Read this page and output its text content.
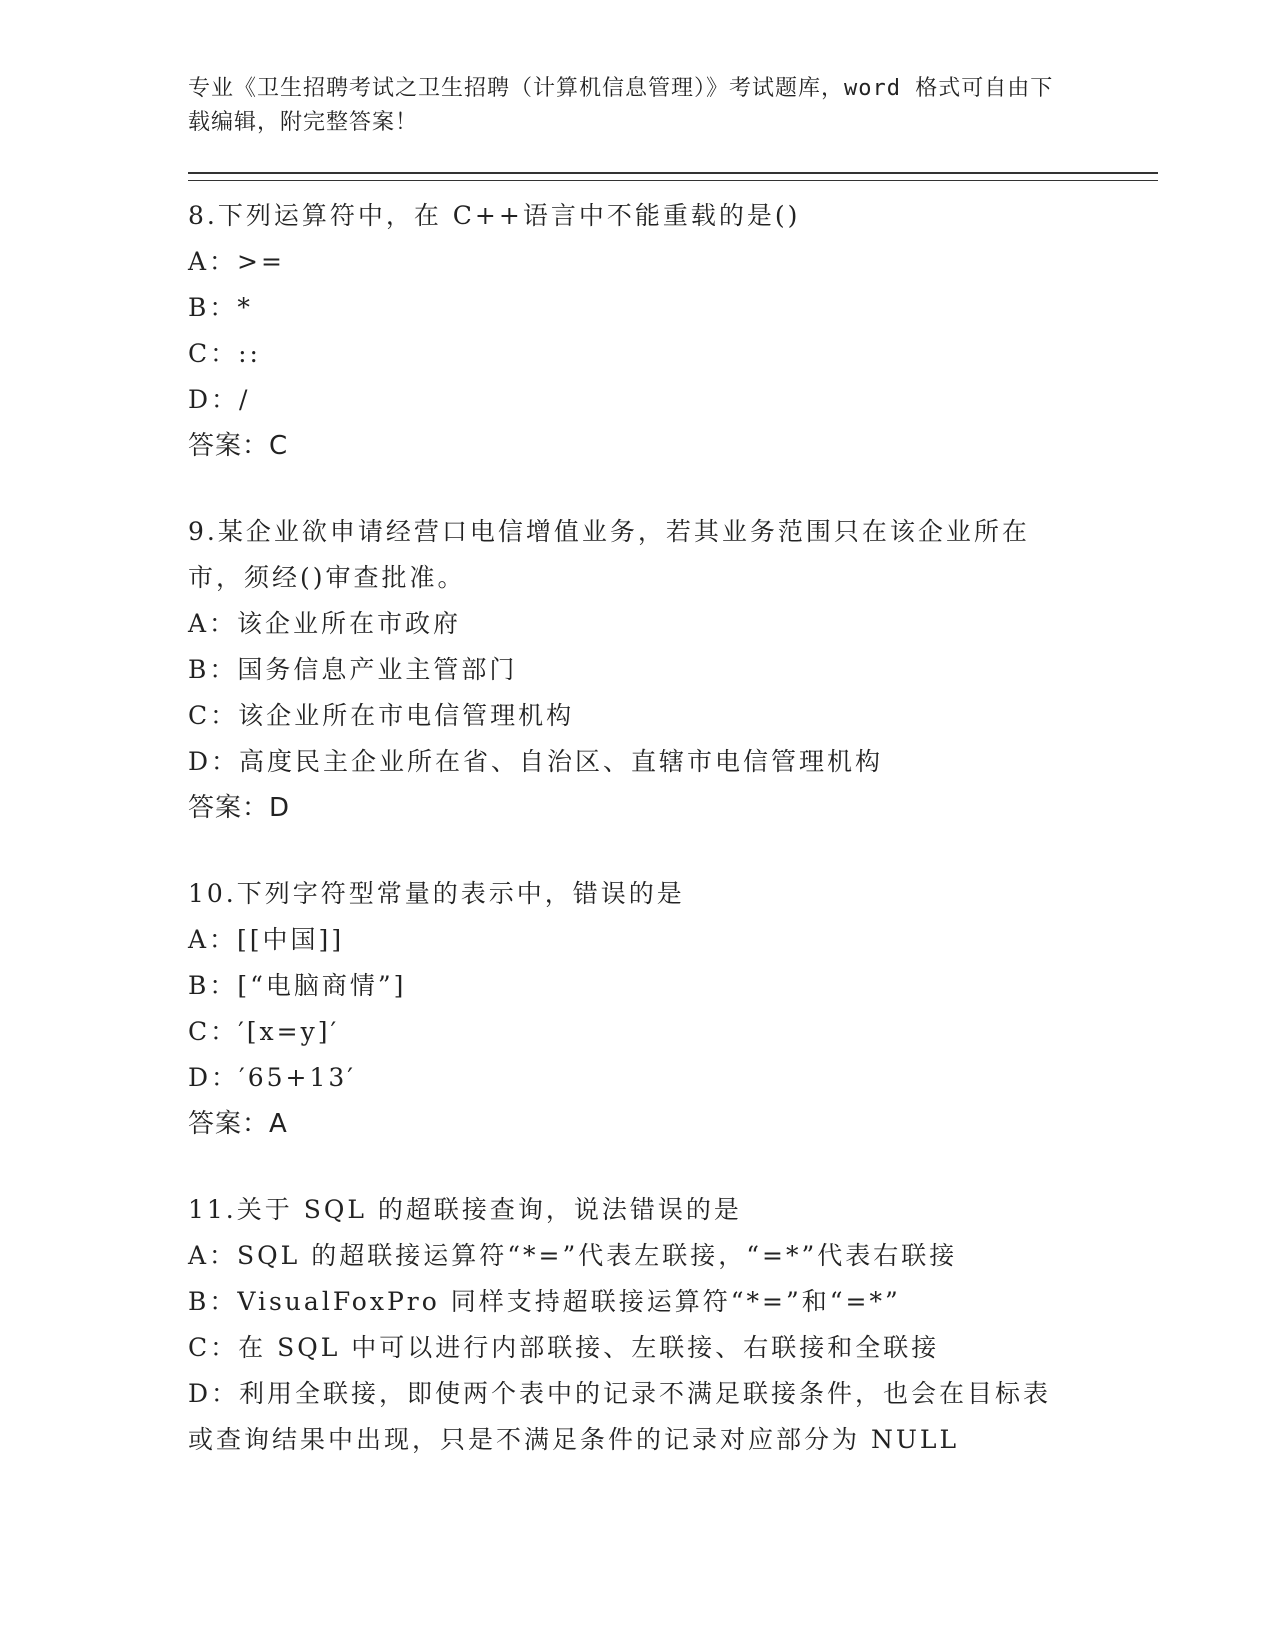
专业《卫生招聘考试之卫生招聘（计算机信息管理）》考试题库，word 格式可自由下载编辑，附完整答案！

8.下列运算符中，在 C++语言中不能重载的是()

A：>=

B：*

C：::

D：/

答案：C

9.某企业欲申请经营口电信增值业务，若其业务范围只在该企业所在市，须经()审查批准。

A：该企业所在市政府

B：国务信息产业主管部门

C：该企业所在市电信管理机构

D：高度民主企业所在省、自治区、直辖市电信管理机构

答案：D

10.下列字符型常量的表示中，错误的是

A：[[中国]]

B：[“电脑商情”]

C：′[x=y]′

D：′65+13′

答案：A

11.关于 SQL 的超联接查询，说法错误的是

A：SQL 的超联接运算符“*=”代表左联接，“=*”代表右联接

B：VisualFoxPro 同样支持超联接运算符“*=”和“=*”

C：在 SQL 中可以进行内部联接、左联接、右联接和全联接

D：利用全联接，即使两个表中的记录不满足联接条件，也会在目标表或查询结果中出现，只是不满足条件的记录对应部分为 NULL
